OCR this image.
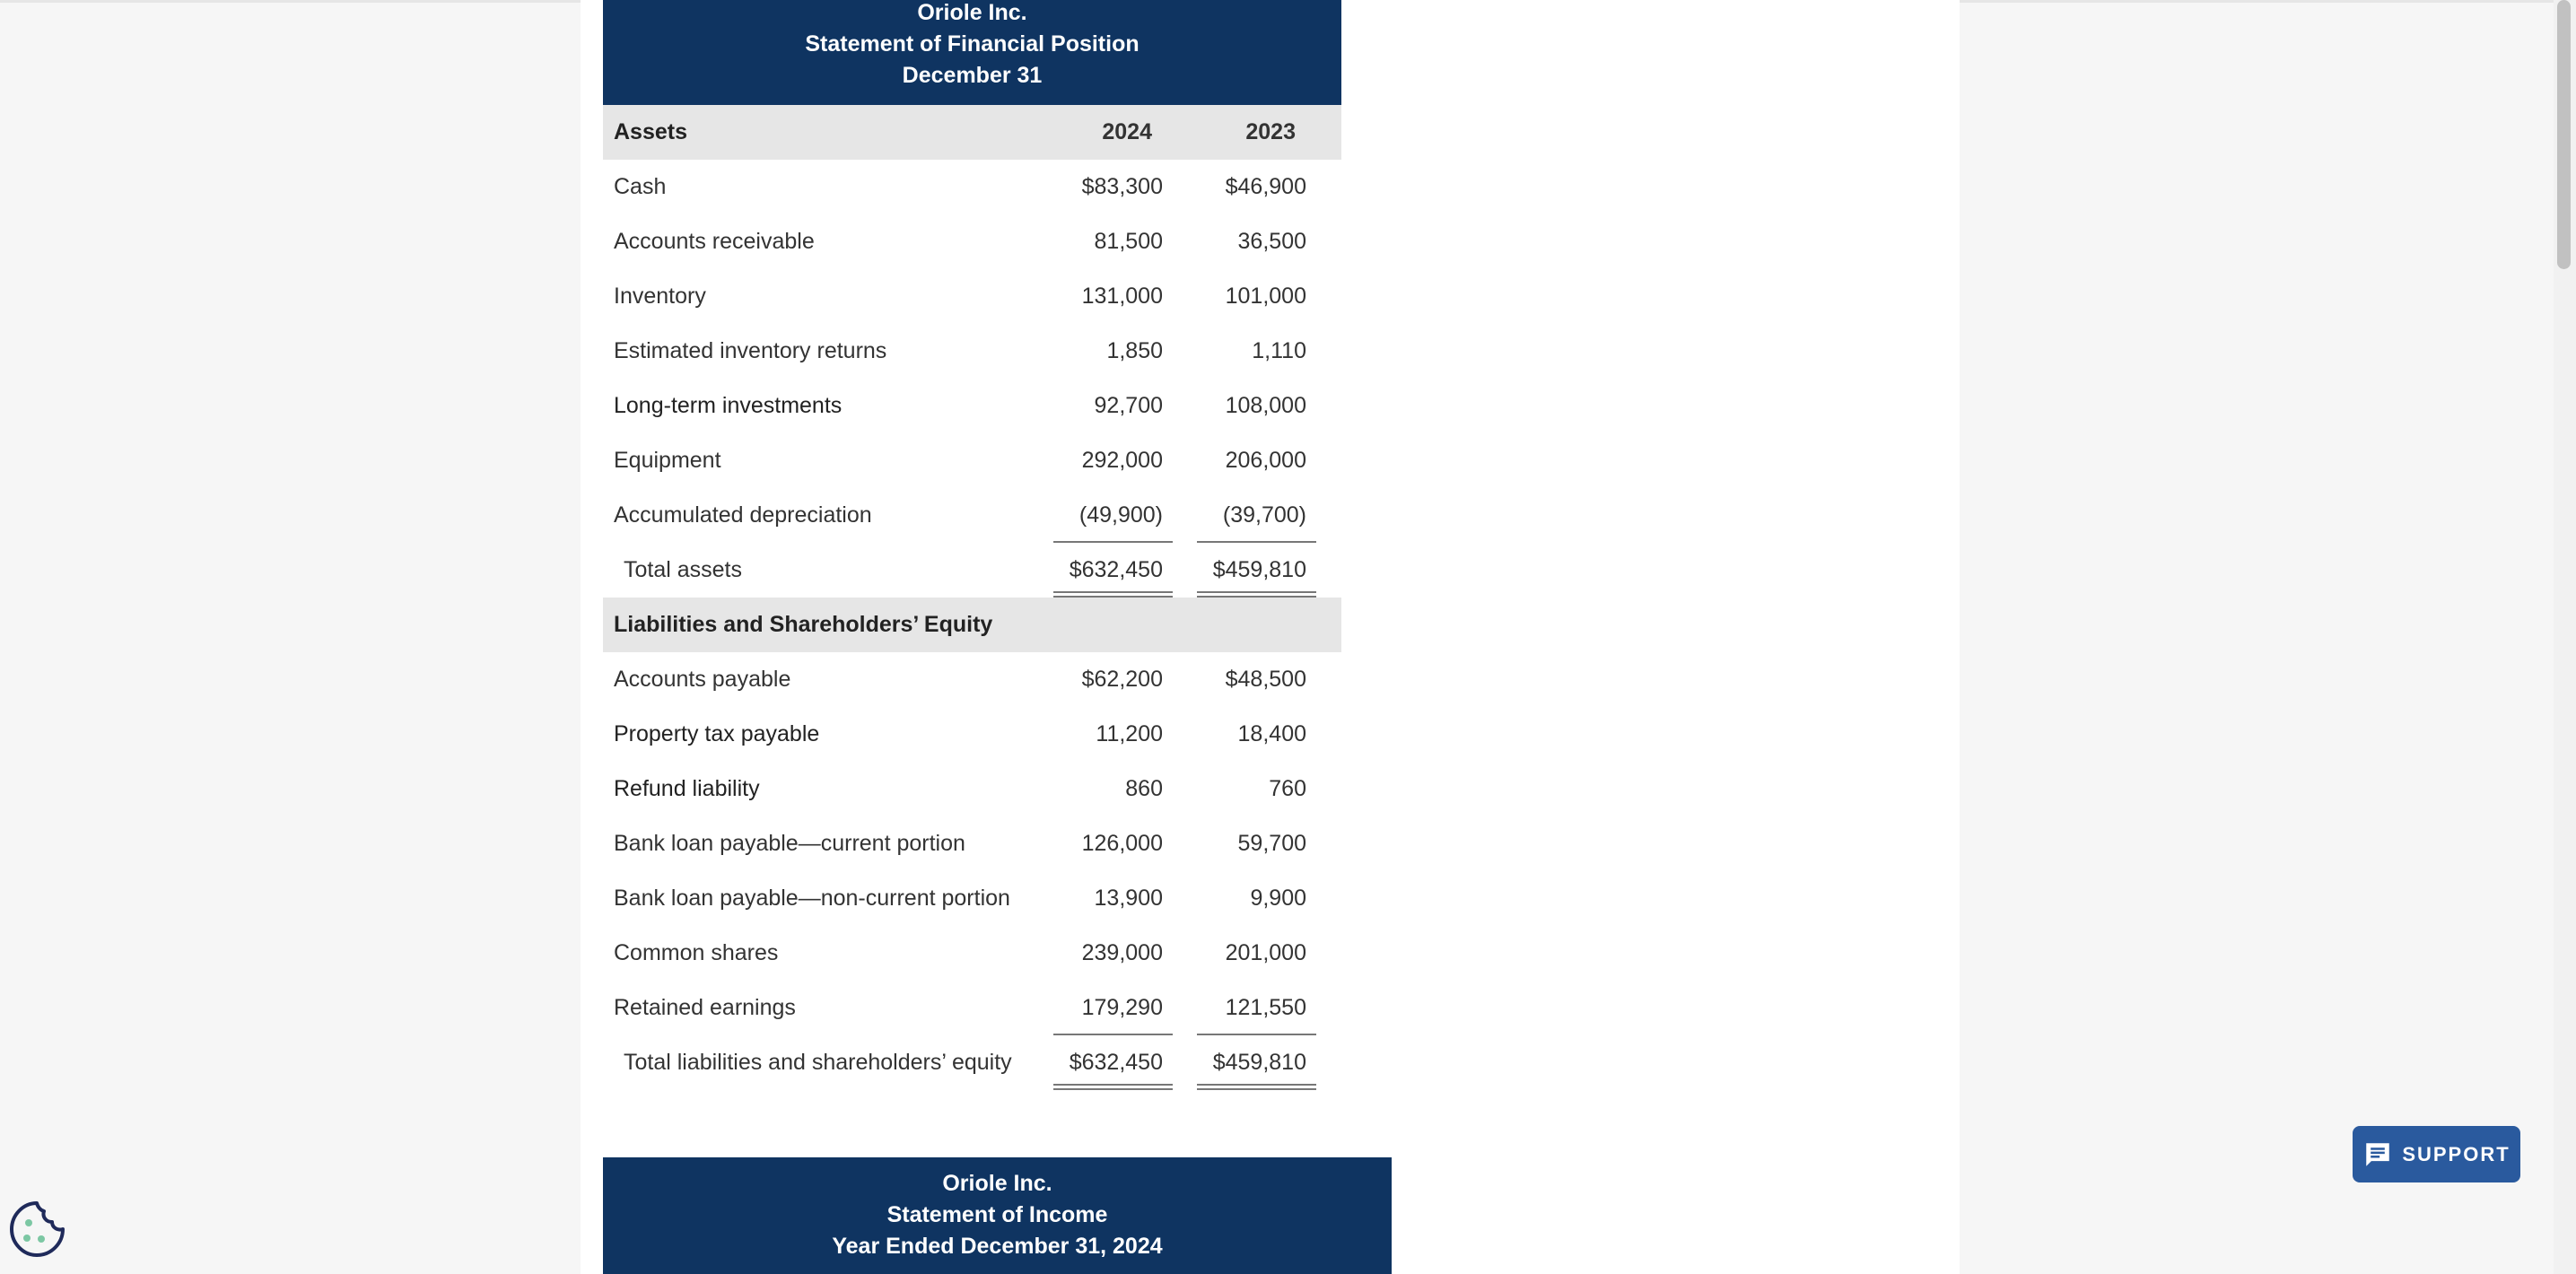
Oriole Inc.
Statement of Financial Position
December 31
Assets	2024	2023
Cash	$83,300	$46,900
Accounts receivable	81,500	36,500
Inventory	131,000	101,000
Estimated inventory returns	1,850	1,110
Long-term investments	92,700	108,000
Equipment	292,000	206,000
Accumulated depreciation	(49,900)	(39,700)
Total assets	$632,450 $459,810
Liabilities and Shareholders’ Equity
Accounts payable	$62,200	$48,500
Property tax payable	11,200	18,400
Refund liability	860	760
Bank loan payable—current portion	126,000	59,700
Bank loan payable—non-current portion	13,900	9,900
Common shares	239,000	201,000
Retained earnings	179,290	121,550
Total liabilities and shareholders’ equity	$632,450 $459,810
Oriole Inc.
Statement of Income
Year Ended December 31, 2024
SUPPORT
